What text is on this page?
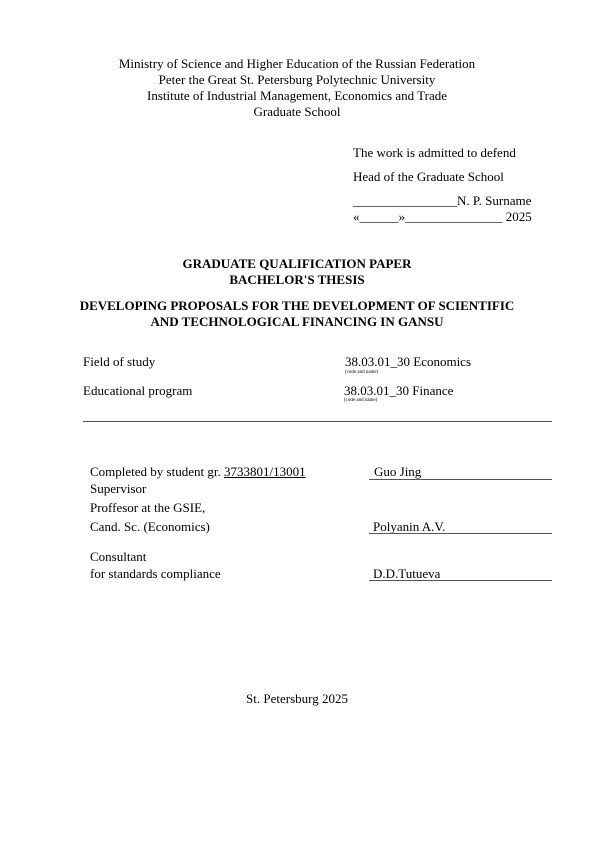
Ministry of Science and Higher Education of the Russian Federation
Peter the Great St. Petersburg Polytechnic University
Institute of Industrial Management, Economics and Trade
Graduate School
The work is admitted to defend
Head of the Graduate School
________________N. P. Surname
«______»_______________ 2025
GRADUATE QUALIFICATION PAPER
BACHELOR'S THESIS
DEVELOPING PROPOSALS FOR THE DEVELOPMENT OF SCIENTIFIC
AND TECHNOLOGICAL FINANCING IN GANSU
Field of study	38.03.01_30 Economics
(code and name)
Educational program	38.03.01_30 Finance
(code and name)
Completed by student gr. 3733801/13001	Guo Jing
Supervisor
Proffesor at the GSIE,
Cand. Sc. (Economics)	Polyanin A.V.
Consultant
for standards compliance	D.D.Tutueva
St. Petersburg 2025
